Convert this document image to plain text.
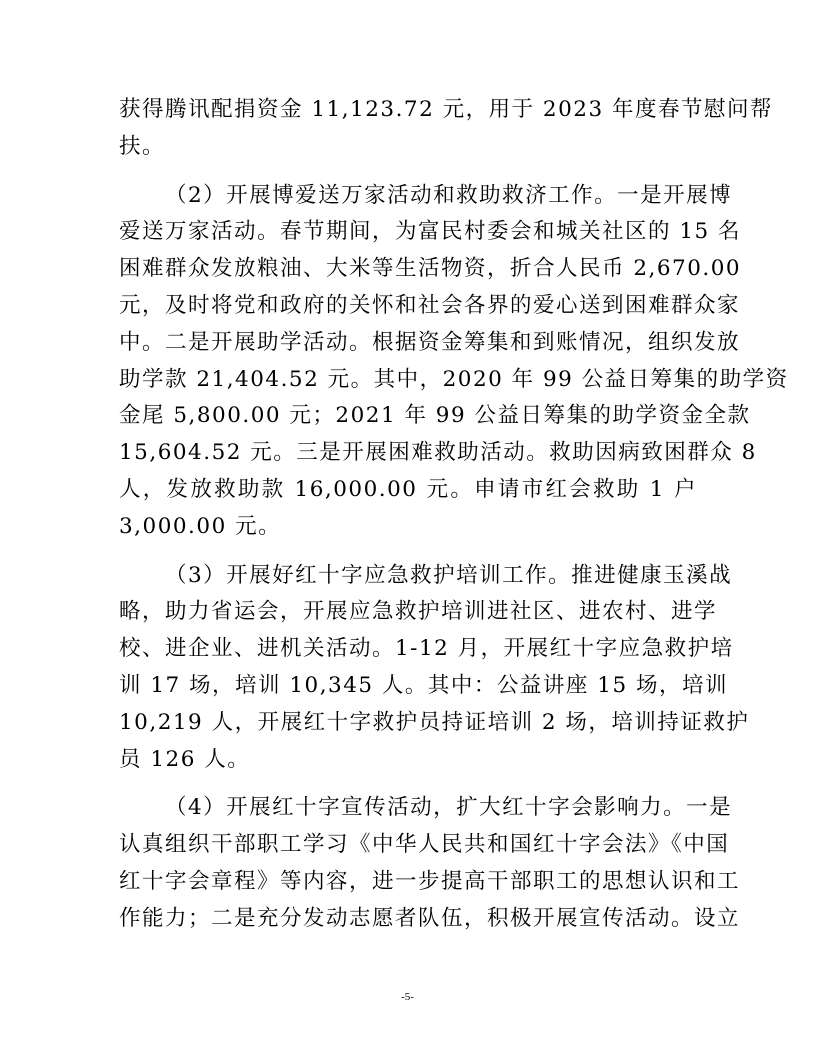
获得腾讯配捐资金 11,123.72 元，用于 2023 年度春节慰问帮
扶。
（2）开展博爱送万家活动和救助救济工作。一是开展博
爱送万家活动。春节期间，为富民村委会和城关社区的 15 名
困难群众发放粮油、大米等生活物资，折合人民币 2,670.00
元，及时将党和政府的关怀和社会各界的爱心送到困难群众家
中。二是开展助学活动。根据资金筹集和到账情况，组织发放
助学款 21,404.52 元。其中，2020 年 99 公益日筹集的助学资
金尾 5,800.00 元；2021 年 99 公益日筹集的助学资金全款
15,604.52 元。三是开展困难救助活动。救助因病致困群众 8
人，发放救助款 16,000.00 元。申请市红会救助 1 户
3,000.00 元。
（3）开展好红十字应急救护培训工作。推进健康玉溪战
略，助力省运会，开展应急救护培训进社区、进农村、进学
校、进企业、进机关活动。1-12 月，开展红十字应急救护培
训 17 场，培训 10,345 人。其中：公益讲座 15 场，培训
10,219 人，开展红十字救护员持证培训 2 场，培训持证救护
员 126 人。
（4）开展红十字宣传活动，扩大红十字会影响力。一是
认真组织干部职工学习《中华人民共和国红十字会法》《中国
红十字会章程》等内容，进一步提高干部职工的思想认识和工
作能力；二是充分发动志愿者队伍，积极开展宣传活动。设立
-5-
